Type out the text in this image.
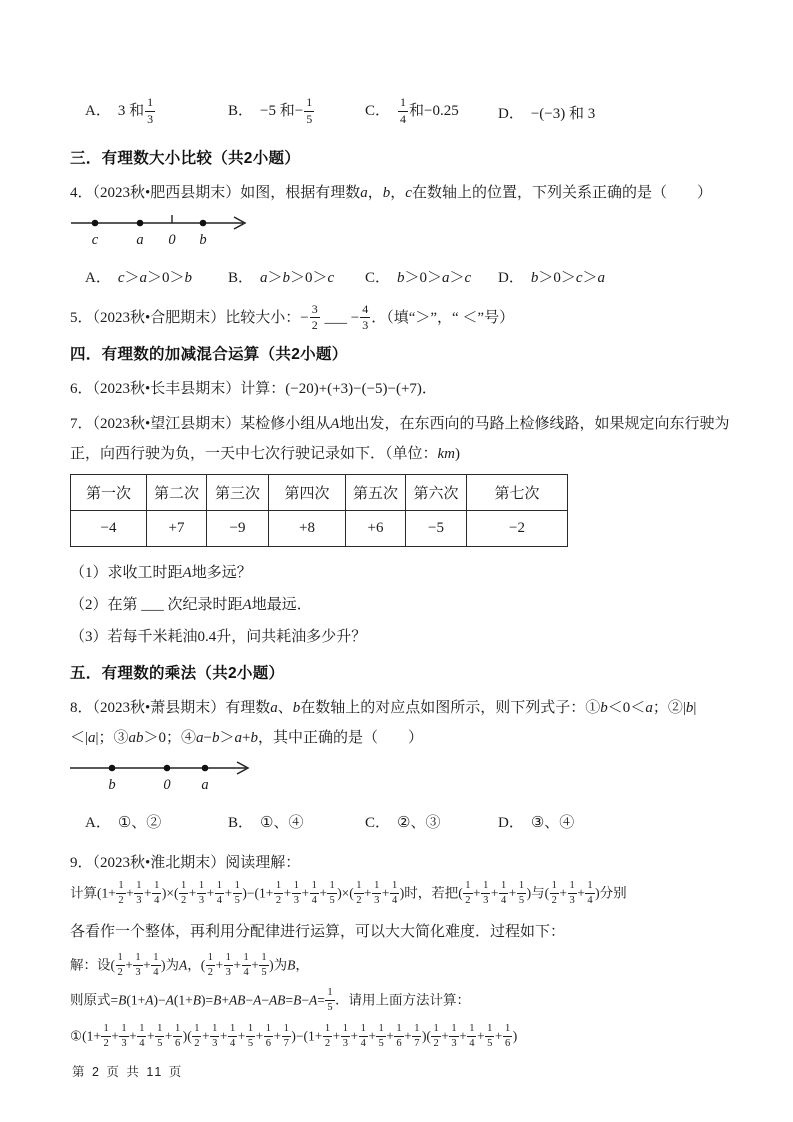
A． 3 和 $\frac{1}{3}$	B． −5 和− $\frac{1}{5}$	C． $\frac{1}{4}$ 和−0.25	D． −(−3) 和 3
三．有理数大小比较（共2小题）

4．（2023秋•肥西县期末）如图，根据有理数a，b，c在数轴上的位置，下列关系正确的是（　　）

c	a 0 b
A． c＞a＞0＞b	B． a＞b＞0＞c	C． b＞0＞a＞c	D． b＞0＞c＞a

5．（2023秋•合肥期末）比较大小：− $\frac{3}{2}$ ___ − $\frac{4}{3}$ ．（填“＞”，“ ＜”号）

四．有理数的加减混合运算（共2小题）

6．（2023秋•长丰县期末）计算：(−20)+(+3)−(−5)−(+7)．

7．（2023秋•望江县期末）某检修小组从A地出发，在东西向的马路上检修线路，如果规定向东行驶为正，向西行驶为负，一天中七次行驶记录如下．（单位：km)

第一次	第二次	第三次	第四次	第五次	第六次	第七次
−4	+7	−9	+8	+6	−5	−2

（1）求收工时距A地多远？

（2）在第 ___ 次纪录时距A地最远．

（3）若每千米耗油0.4升，问共耗油多少升？

五．有理数的乘法（共2小题）

8．（2023秋•萧县期末）有理数a、b在数轴上的对应点如图所示，则下列式子：①b＜0＜a；②|b|＜|a|；③ab＞0；④a−b＞a+b，其中正确的是（　　）

b	0 a
A． ①、②	B． ①、④	C． ②、③	D． ③、④

9．（2023秋•淮北期末）阅读理解：

计算($1+ \frac{1}{2} + \frac{1}{3} + \frac{1}{4}$ )×( $\frac{1}{2} + \frac{1}{3} + \frac{1}{4} + \frac{1}{5} )-(1+ \frac{1}{2} + \frac{1}{3} + \frac{1}{4} + \frac{1}{5}$ )×( $\frac{1}{2} + \frac{1}{3} + \frac{1}{4}$ )时，若把( $\frac{1}{2} + \frac{1}{3} + \frac{1}{4} + \frac{1}{5}$ )与( $\frac{1}{2} + \frac{1}{3} + \frac{1}{4}$ )分别

各看作一个整体，再利用分配律进行运算，可以大大简化难度．过程如下：

解：设( $\frac{1}{2} + \frac{1}{3} + \frac{1}{4}$ )为A，( $\frac{1}{2} + \frac{1}{3} + \frac{1}{4} + \frac{1}{5}$ )为B，

则原式$=B(1+A)-A(1+B)=B+AB-A-AB=B-A= \frac{1}{5}$ ．请用上面方法计算：

①(1+ $\frac{1}{2} + \frac{1}{3} + \frac{1}{4} + \frac{1}{5} + \frac{1}{6}$ )( $\frac{1}{2} + \frac{1}{3} + \frac{1}{4} + \frac{1}{5} + \frac{1}{6} + \frac{1}{7} )-(1+ \frac{1}{2} + \frac{1}{3} + \frac{1}{4} + \frac{1}{5} + \frac{1}{6} + \frac{1}{7}$ )( $\frac{1}{2} + \frac{1}{3} + \frac{1}{4} + \frac{1}{5} + \frac{1}{6}$ )

第 2 页 共 11 页
